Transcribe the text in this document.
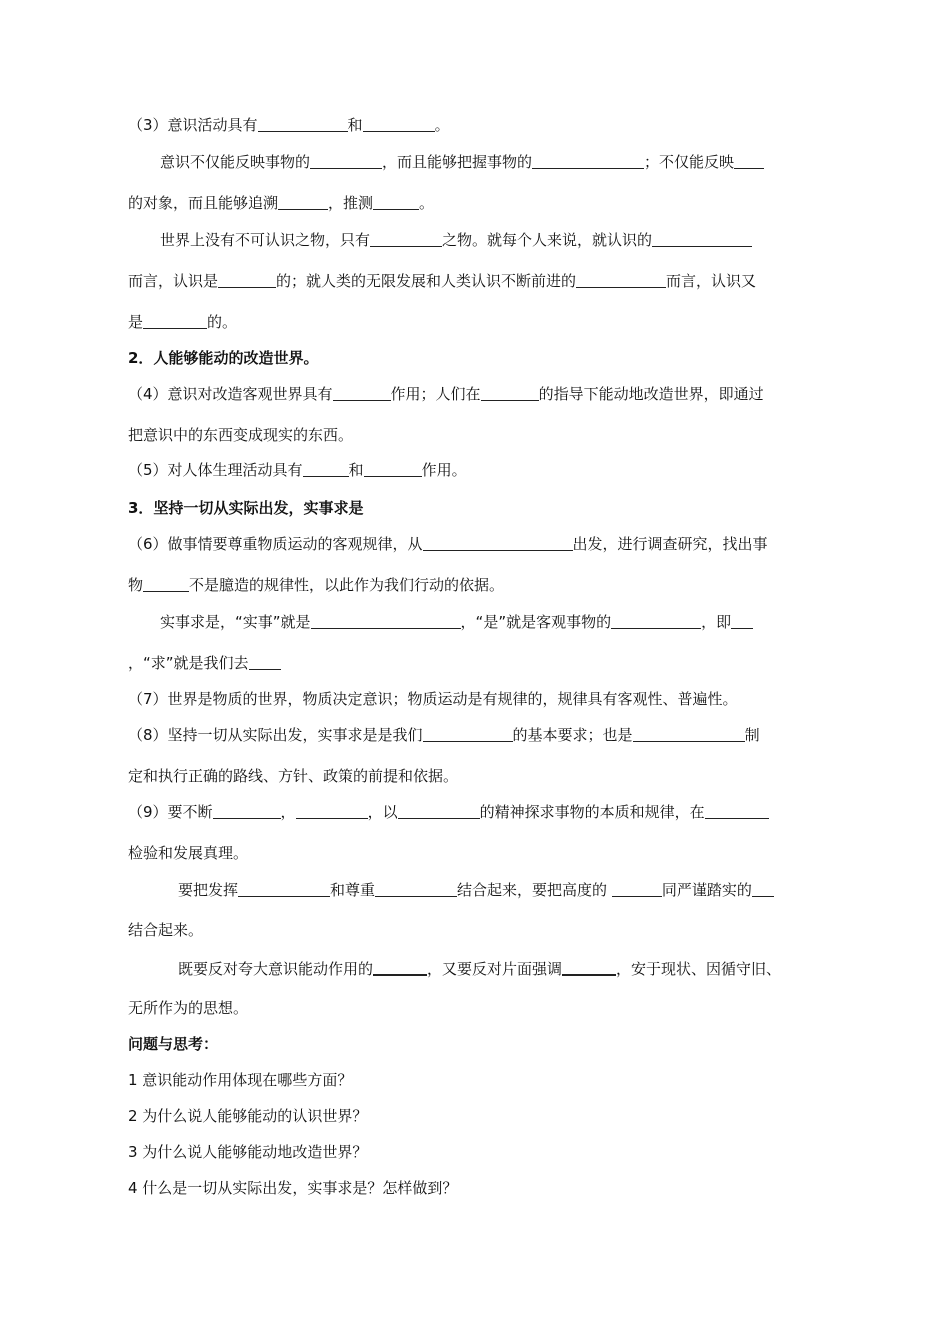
（3）意识活动具有	和	。
意识不仅能反映事物的	，而且能够把握事物的	；不仅能反映
的对象，而且能够追溯	，推测	。
世界上没有不可认识之物，只有	之物。就每个人来说，就认识的
而言，认识是	的；就人类的无限发展和人类认识不断前进的	而言，认识又
是	的。
2．人能够能动的改造世界。
（4）意识对改造客观世界具有	作用；人们在	的指导下能动地改造世界，即通过
把意识中的东西变成现实的东西。
（5）对人体生理活动具有	和	作用。
3．坚持一切从实际出发，实事求是
（6）做事情要尊重物质运动的客观规律，从	出发，进行调查研究，找出事
物	不是臆造的规律性，以此作为我们行动的依据。
实事求是，“实事”就是	，“是”就是客观事物的	，即
，“求”就是我们去
（7）世界是物质的世界，物质决定意识；物质运动是有规律的，规律具有客观性、普遍性。
（8）坚持一切从实际出发，实事求是是我们	的基本要求；也是	制
定和执行正确的路线、方针、政策的前提和依据。
（9）要不断	，	，以	的精神探求事物的本质和规律，在
检验和发展真理。
要把发挥	和尊重	结合起来，要把高度的	同严谨踏实的
结合起来。
既要反对夸大意识能动作用的	，又要反对片面强调	，安于现状、因循守旧、
无所作为的思想。
问题与思考：
1 意识能动作用体现在哪些方面？
2 为什么说人能够能动的认识世界？
3 为什么说人能够能动地改造世界？
4 什么是一切从实际出发，实事求是？怎样做到？
